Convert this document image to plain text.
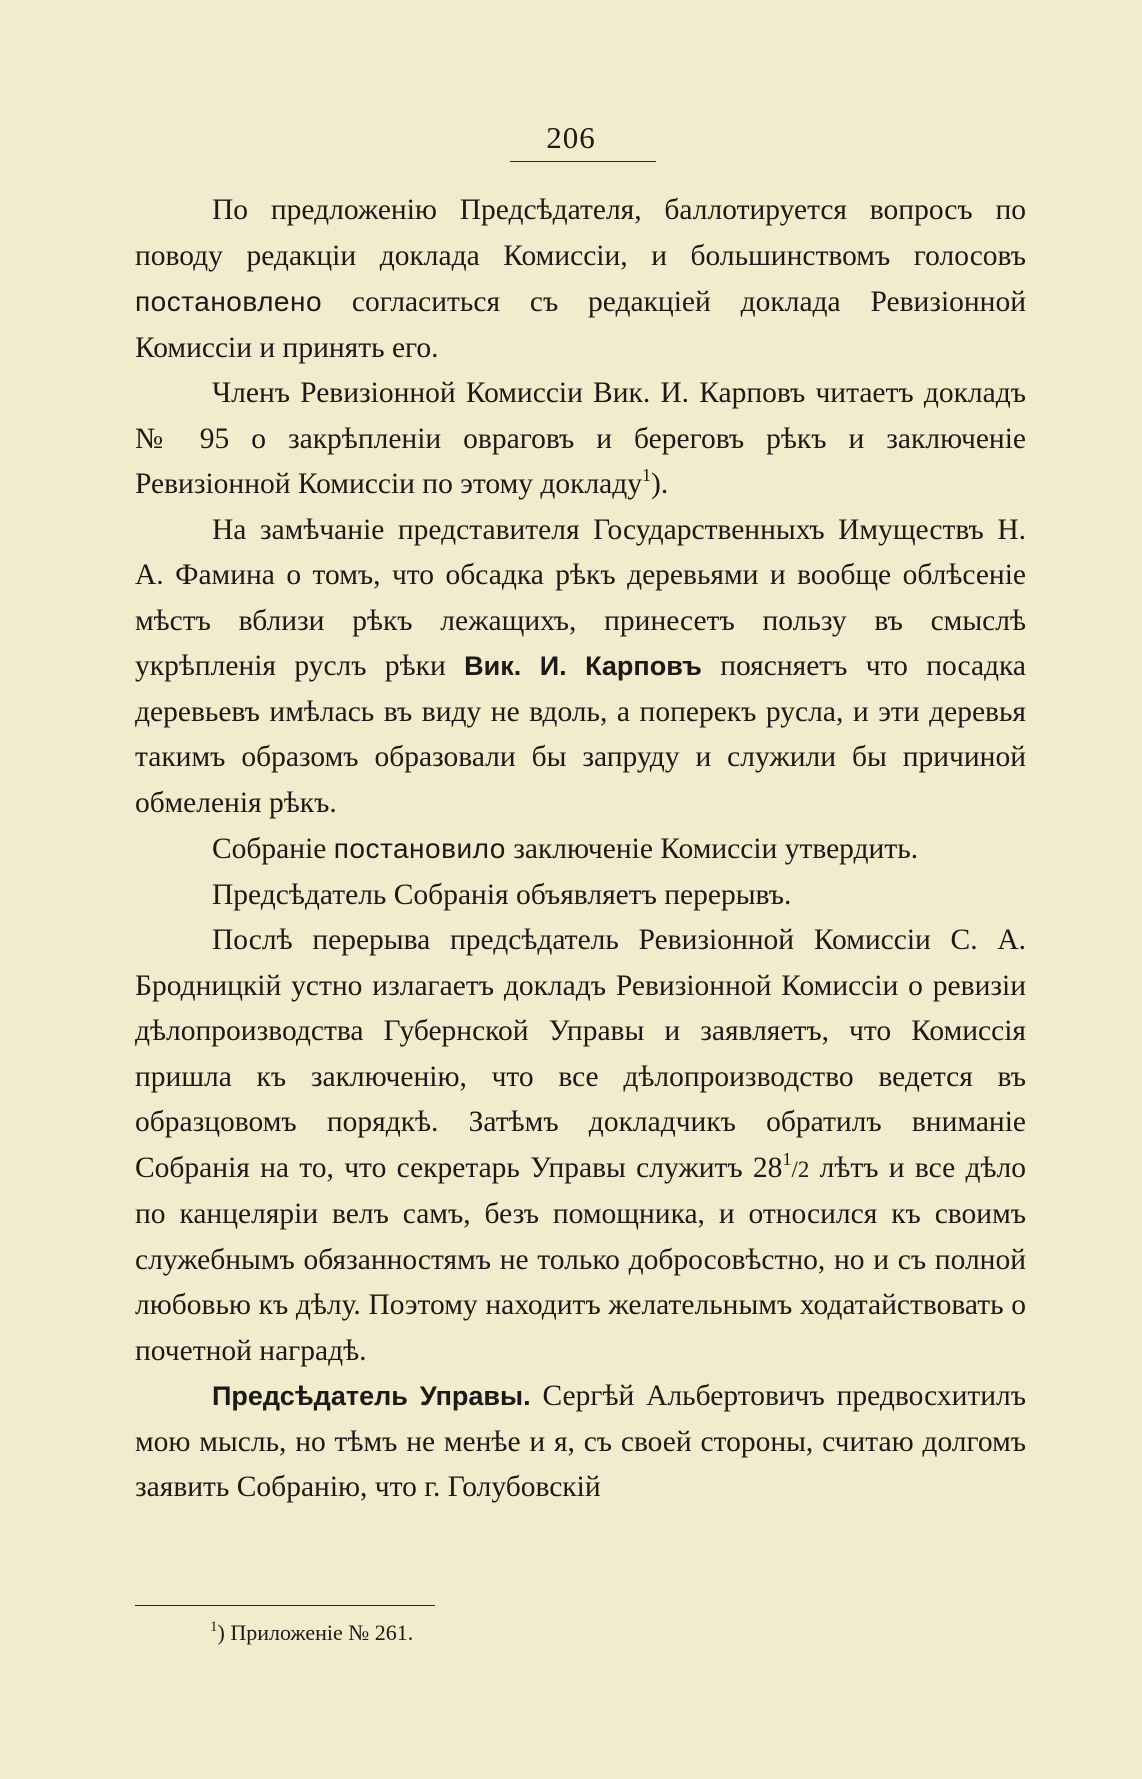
206

По предложенію Предсѣдателя, баллотируется вопросъ по поводу редакціи доклада Комиссіи, и большинствомъ голосовъ постановлено согласиться съ редакціей доклада Ревизіонной Комиссіи и принять его.

Членъ Ревизіонной Комиссіи Вик. И. Карповъ читаетъ докладъ № 95 о закрѣпленіи овраговъ и береговъ рѣкъ и заключеніе Ревизіонной Комиссіи по этому докладу$^1$).

На замѣчаніе представителя Государственныхъ Имуществъ Н. А. Фамина о томъ, что обсадка рѣкъ деревьями и вообще облѣсеніе мѣстъ вблизи рѣкъ лежащихъ, принесетъ пользу въ смыслѣ укрѣпленія руслъ рѣки Вик. И. Карповъ поясняетъ что посадка деревьевъ имѣлась въ виду не вдоль, а поперекъ русла, и эти деревья такимъ образомъ образовали бы запруду и служили бы причиной обмеленія рѣкъ.

Собраніе постановило заключеніе Комиссіи утвердить.

Предсѣдатель Собранія объявляетъ перерывъ.

Послѣ перерыва предсѣдатель Ревизіонной Комиссіи С. А. Бродницкій устно излагаетъ докладъ Ревизіонной Комиссіи о ревизіи дѣлопроизводства Губернской Управы и заявляетъ, что Комиссія пришла къ заключенію, что все дѣлопроизводство ведется въ образцовомъ порядкѣ. Затѣмъ докладчикъ обратилъ вниманіе Собранія на то, что секретарь Управы служитъ $28^1/2$ лѣтъ и все дѣло по канцеляріи велъ самъ, безъ помощника, и относился къ своимъ служебнымъ обязанностямъ не только добросовѣстно, но и съ полной любовью къ дѣлу. Поэтому находитъ желательнымъ ходатайствовать о почетной наградѣ.

Предсѣдатель Управы. Сергѣй Альбертовичъ предвосхитилъ мою мысль, но тѣмъ не менѣе и я, съ своей стороны, считаю долгомъ заявить Собранію, что г. Голубовскій

$^1$) Приложеніе № 261.
